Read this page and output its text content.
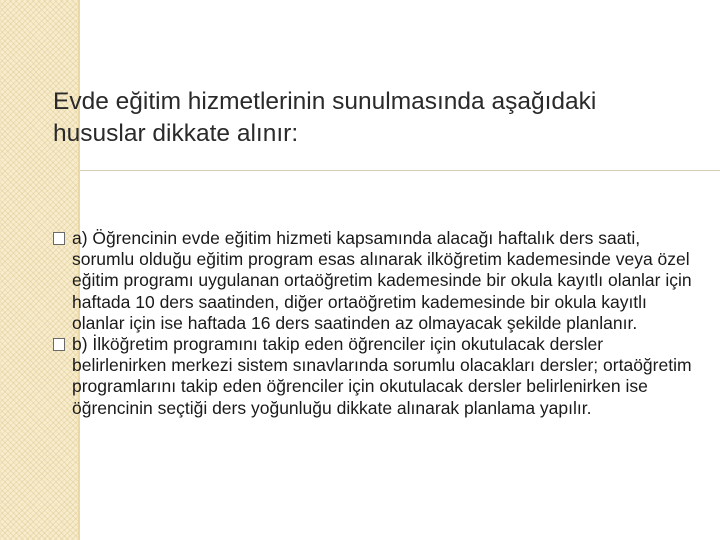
Evde eğitim hizmetlerinin sunulmasında aşağıdaki hususlar dikkate alınır:
a) Öğrencinin evde eğitim hizmeti kapsamında alacağı haftalık ders saati, sorumlu olduğu eğitim program esas alınarak ilköğretim kademesinde veya özel eğitim programı uygulanan ortaöğretim kademesinde bir okula kayıtlı olanlar için haftada 10 ders saatinden, diğer ortaöğretim kademesinde bir okula kayıtlı olanlar için ise haftada 16 ders saatinden az olmayacak şekilde planlanır.
b) İlköğretim programını takip eden öğrenciler için okutulacak dersler belirlenirken merkezi sistem sınavlarında sorumlu olacakları dersler; ortaöğretim programlarını takip eden öğrenciler için okutulacak dersler belirlenirken ise öğrencinin seçtiği ders yoğunluğu dikkate alınarak planlama yapılır.
